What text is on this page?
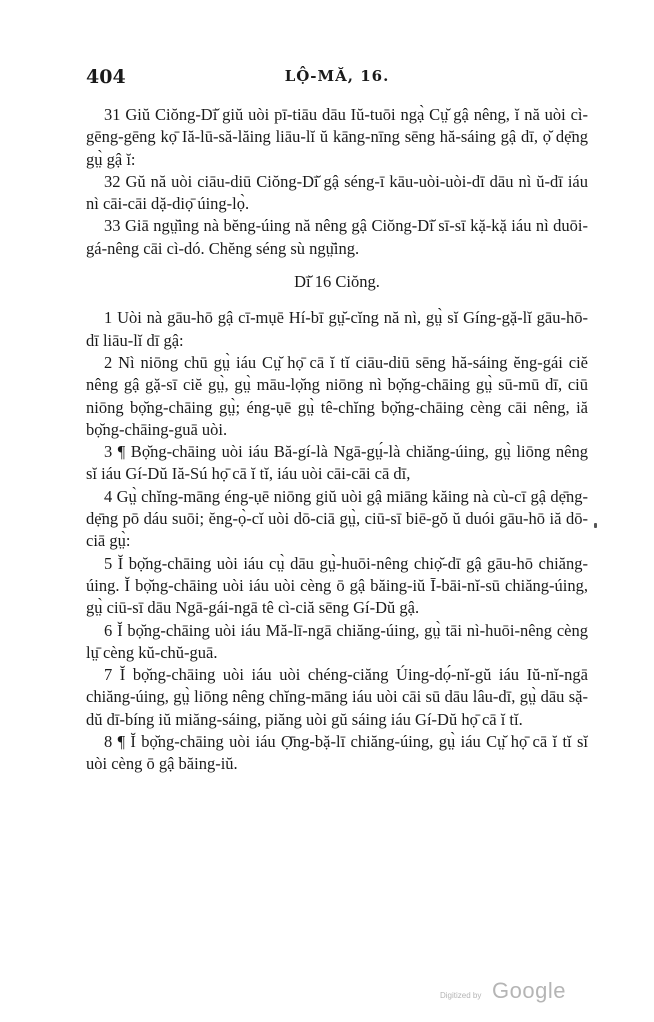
404	LỘ-MĂ, 16.

31 Giŭ Ciŏng-Dī̆ giŭ uòi pī-tiāu dāu Iŭ-tuōi ngạ̀ Cṳ̆ gậ nêng, ĭ nă uòi cì-gēng-gēng kọ̄ Iă-lū-să-lăing liāu-lĭ ŭ kāng-nīng sēng hă-sáing gậ dī, ọ̆ dẹ̄ng gṳ̀ gậ ĭ:

32 Gŭ nă uòi ciāu-diū Ciŏng-Dī̆ gậ séng-ī kāu-uòi-uòi-dī dāu nì ŭ-dī iáu nì cāi-cāi dặ-diọ̄ úing-lọ̀.

33 Giā ngṳ̆ing nà bĕng-úing nă nêng gậ Ciŏng-Dī̆ sī-sī kặ-kặ iáu nì duōi-gá-nêng cāi cì-dó. Chĕng séng sù ngṳ̆ing.

Dī̆ 16 Ciŏng.

1 Uòi nà gāu-hō gậ cī-mụē Hí-bī gṳ̆-cĭng nă nì, gṳ̀ sĭ Gíng-gặ-lĭ gāu-hō-dī liāu-lĭ dī gậ:

2 Nì niōng chū gṳ̀ iáu Cṳ̆ họ̄ cā ĭ tĭ ciāu-diū sēng hă-sáing ĕng-gái ciĕ nêng gậ gặ-sī ciĕ gṳ̀, gṳ̀ māu-lọ̆ng niōng nì bọ̆ng-chāing gṳ̀ sū-mū dī, ciū niōng bọ̆ng-chāing gṳ̀; éng-ụē gṳ̀ tê-chĭng bọ̆ng-chāing cèng cāi nêng, iă bọ̆ng-chāing-guā uòi.

3 ¶ Bọ̆ng-chāing uòi iáu Bă-gí-là Ngā-gṳ́-là chiăng-úing, gṳ̀ liōng nêng sĭ iáu Gí-Dŭ Iă-Sú họ̄ cā ĭ tĭ, iáu uòi cāi-cāi cā dī,

4 Gṳ̀ chĭng-māng éng-ụē niōng giŭ uòi gậ miāng kăing nà cù-cī gậ dẹ̄ng-dẹ̄ng pō dáu suōi; ĕng-ọ̀-cĭ uòi dō-ciā gṳ̀, ciū-sī biē-gŏ ŭ duói gāu-hō iă dō-ciā gṳ̀:

5 Ĭ bọ̆ng-chāing uòi iáu cṳ̀ dāu gṳ̀-huōi-nêng chiọ̆-dī gậ gāu-hō chiăng-úing. Ĭ bọ̆ng-chāing uòi iáu uòi cèng ō gậ băing-iŭ Ī-bāi-nĭ-sū chiăng-úing, gṳ̀ ciū-sī dāu Ngā-gái-ngā tê cì-ciă sēng Gí-Dŭ gậ.

6 Ĭ bọ̆ng-chāing uòi iáu Mă-lī-ngā chiăng-úing, gṳ̀ tāi nì-huōi-nêng cèng lṳ̄ cèng kŭ-chŭ-guā.

7 Ĭ bọ̆ng-chāing uòi iáu uòi chéng-ciăng Úing-dọ́-nĭ-gŭ iáu Iŭ-nĭ-ngā chiăng-úing, gṳ̀ liōng nêng chĭng-māng iáu uòi cāi sū dāu lâu-dī, gṳ̀ dāu sặ-dŭ dī-bíng iŭ miăng-sáing, piăng uòi gŭ sáing iáu Gí-Dŭ họ̄ cā ĭ tĭ.

8 ¶ Ĭ bọ̆ng-chāing uòi iáu Ọ̄ng-bặ-lī chiăng-úing, gṳ̀ iáu Cṳ̆ họ̄ cā ĭ tĭ sĭ uòi cèng ō gậ băing-iŭ.

Digitized by Google
